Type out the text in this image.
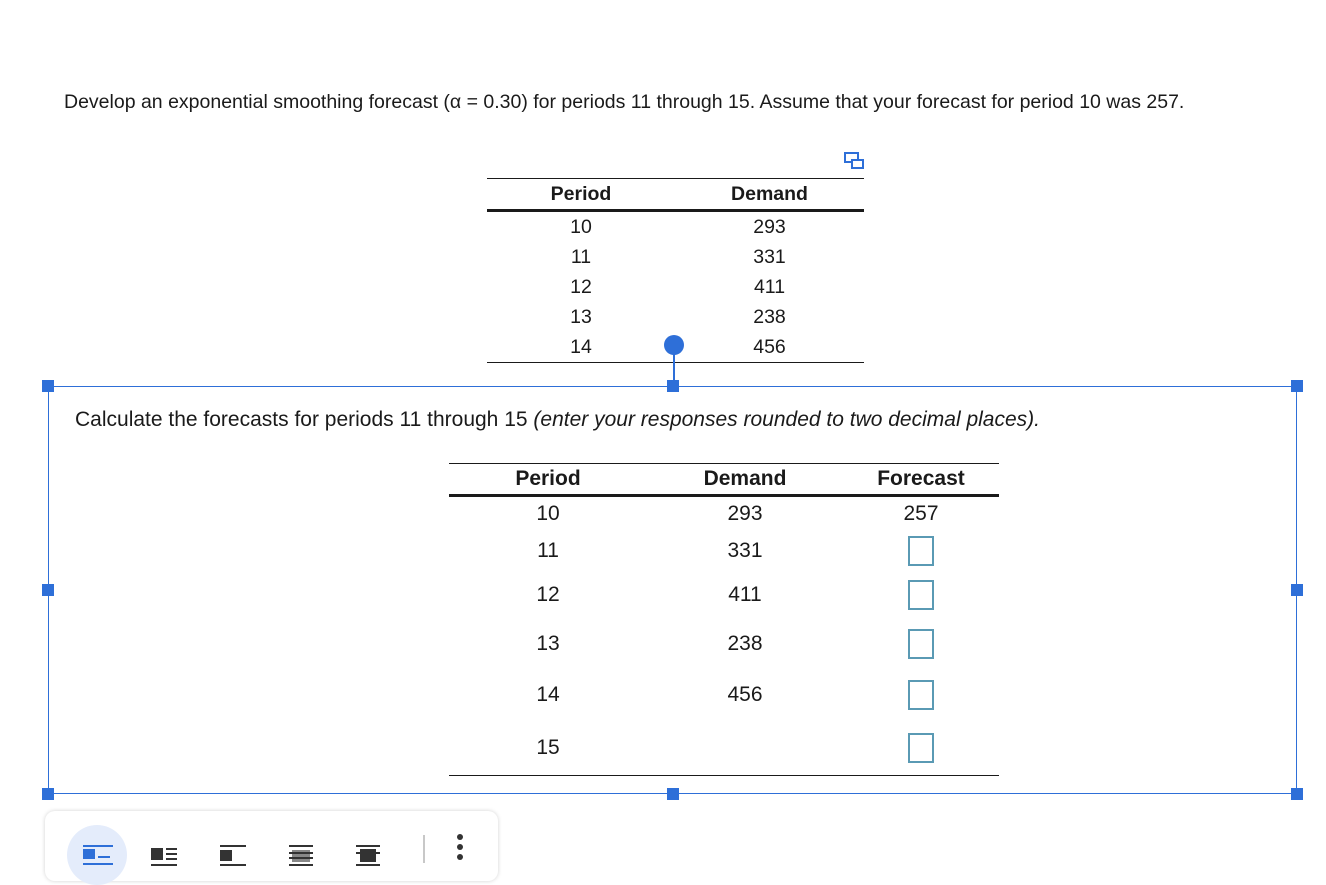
Develop an exponential smoothing forecast (α = 0.30) for periods 11 through 15. Assume that your forecast for period 10 was 257.
Period	Demand
10	293
11	331
12	411
13	238
14	456
Calculate the forecasts for periods 11 through 15 (enter your responses rounded to two decimal places).
Period	Demand	Forecast
10	293	257
11	331	
12	411	
13	238	
14	456	
15		
